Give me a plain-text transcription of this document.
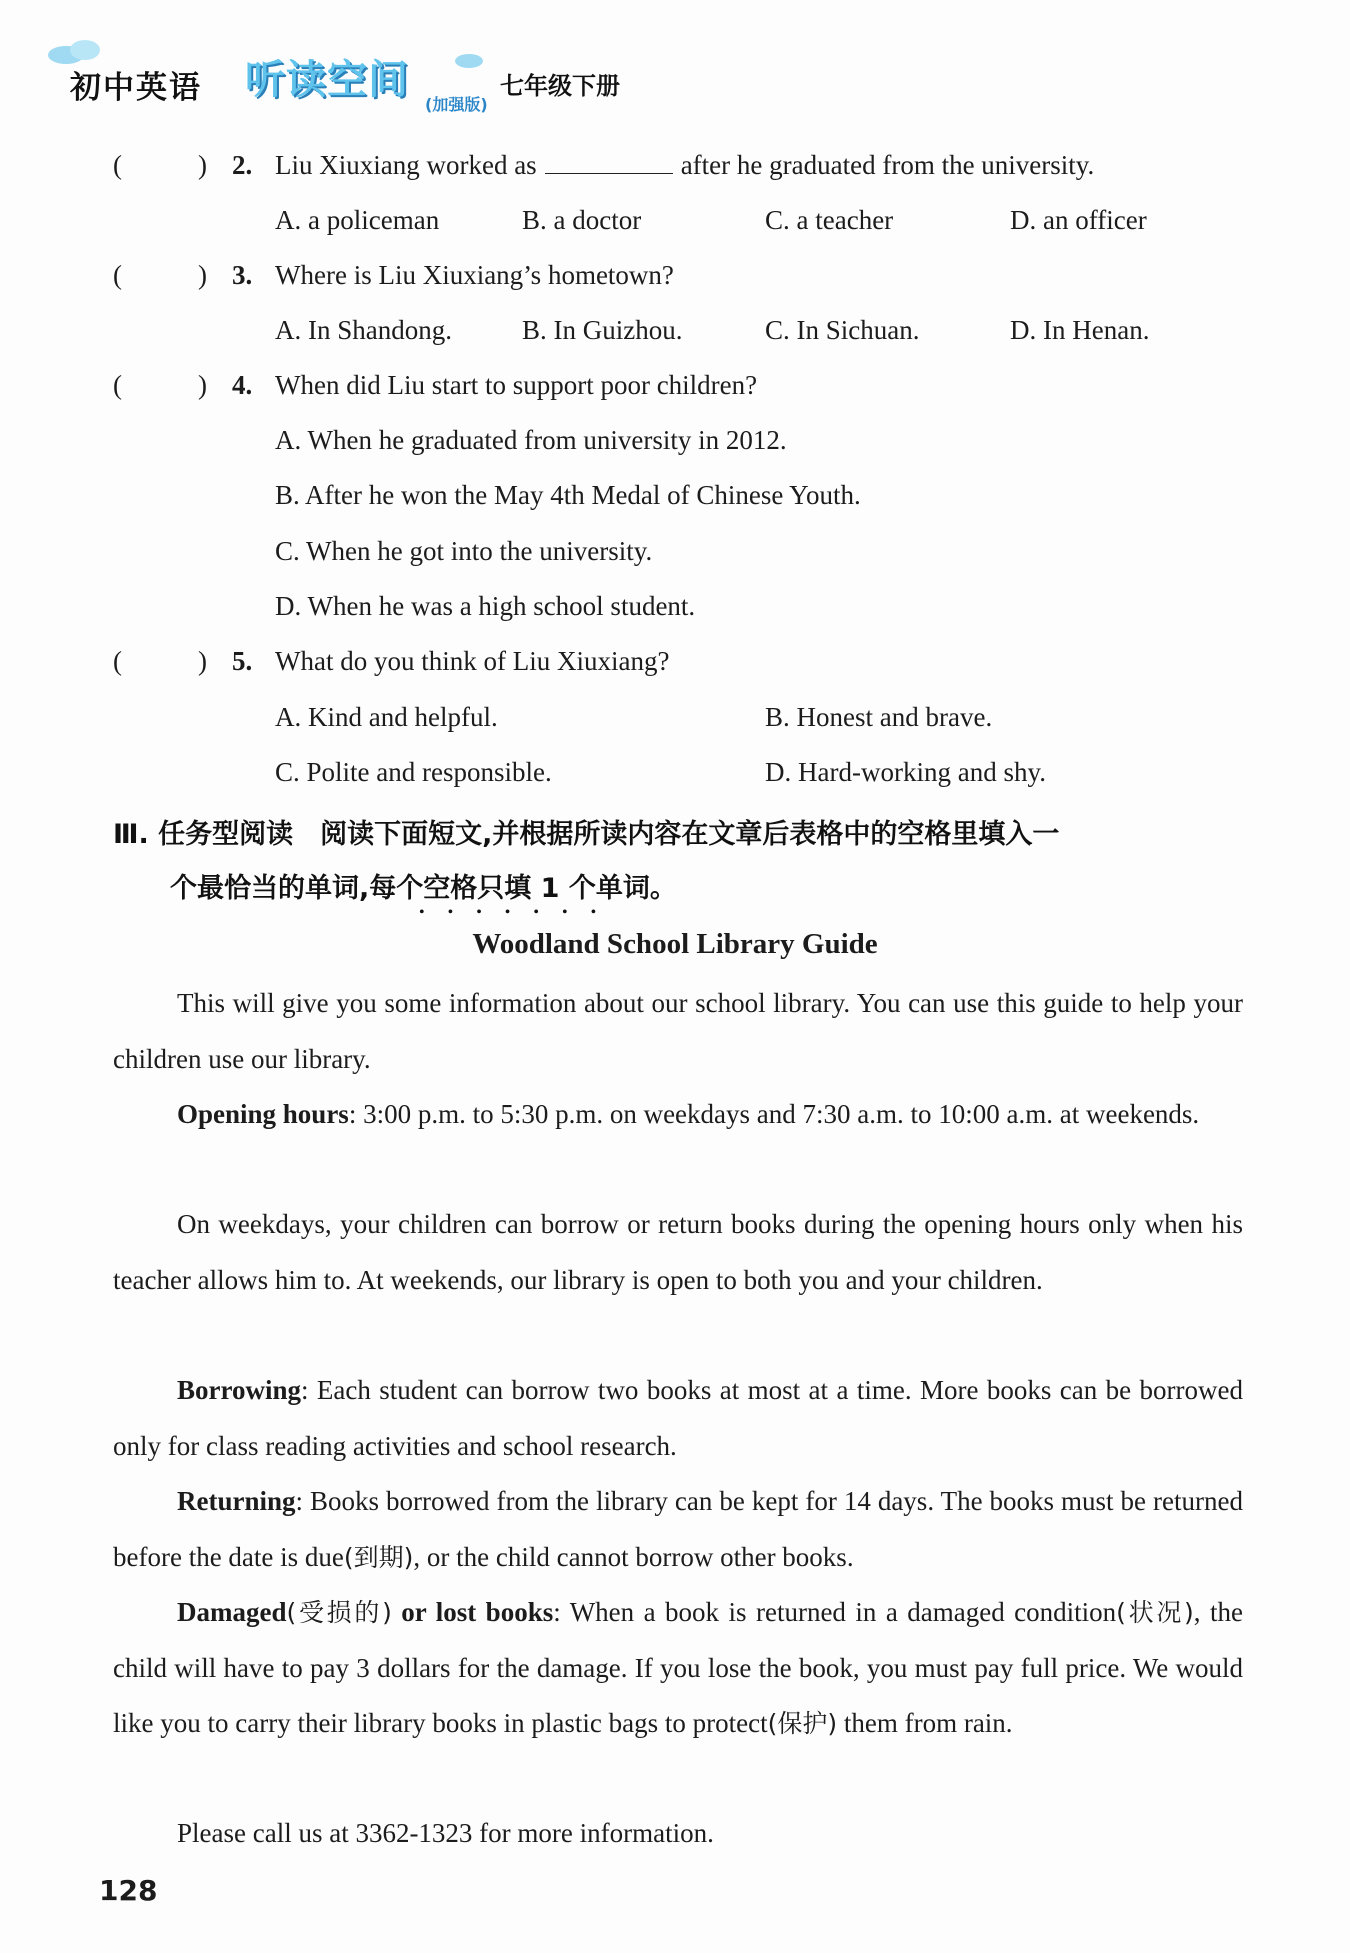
初中英语 听读空间
(加强版)
七年级下册
(	) 2. Liu Xiuxiang worked as	after he graduated from the university.
A. a policeman	B. a doctor	C. a teacher	D. an officer
(	) 3. Where is Liu Xiuxiang’s hometown?
A. In Shandong.	B. In Guizhou.	C. In Sichuan.	D. In Henan.
(	) 4. When did Liu start to support poor children?
A. When he graduated from university in 2012.
B. After he won the May 4th Medal of Chinese Youth.
C. When he got into the university.
D. When he was a high school student.
(	) 5. What do you think of Liu Xiuxiang?
A. Kind and helpful.	B. Honest and brave.
C. Polite and responsible.	D. Hard-working and shy.
Ⅲ. 任务型阅读　阅读下面短文,并根据所读内容在文章后表格中的空格里填入一
个最恰当的单词,每个空格只填 1 个单词。
•••••••
Woodland School Library Guide
This will give you some information about our school library. You can use this guide to help your children use our library.
Opening hours: 3:00 p.m. to 5:30 p.m. on weekdays and 7:30 a.m. to 10:00 a.m. at weekends.
On weekdays, your children can borrow or return books during the opening hours only when his teacher allows him to. At weekends, our library is open to both you and your children.
Borrowing: Each student can borrow two books at most at a time. More books can be borrowed only for class reading activities and school research.
Returning: Books borrowed from the library can be kept for 14 days. The books must be returned before the date is due(到期), or the child cannot borrow other books.
Damaged(受损的) or lost books: When a book is returned in a damaged condition(状况), the child will have to pay 3 dollars for the damage. If you lose the book, you must pay full price. We would like you to carry their library books in plastic bags to protect(保护) them from rain.
Please call us at 3362-1323 for more information.
128
